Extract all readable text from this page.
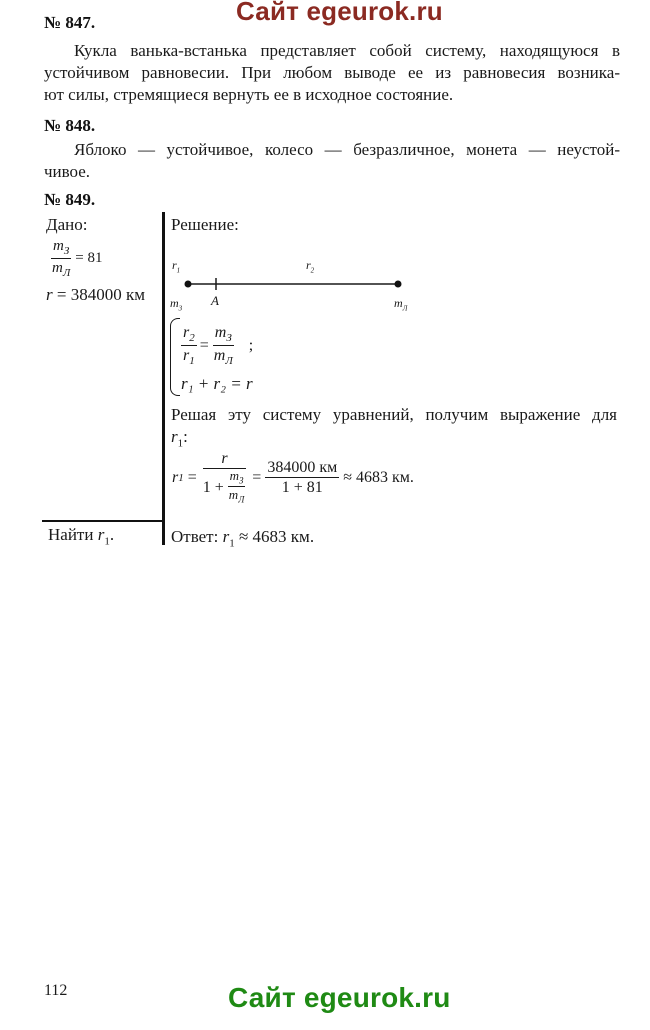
Сайт egeurok.ru
№ 847.
Кукла ванька-встанька представляет собой систему, находящуюся в
устойчивом равновесии. При любом выводе ее из равновесия возника-
ют силы, стремящиеся вернуть ее в исходное состояние.
№ 848.
Яблоко — устойчивое, колесо — безразличное, монета — неустой-
чивое.
№ 849.
Дано:
$\frac{m_З}{m_Л} = 81$
r = 384000 км
Найти $r_1$.
Решение:
$r_1$	$r_2$
$m_З$
A	$m_Л$
$\frac{r_2}{r_1} = \frac{m_З}{m_Л}$ ;
r₁ + r₂ = r
Решая эту систему уравнений, получим выражение для
$r_1$:
r $1 = \frac{r}{1 + \frac{m_З}{m_Л}} = \frac{384000 км}{1 + 81} \approx 4683$ км.
Ответ: $r_1 \approx 4683$ км.
112	Сайт egeurok.ru
